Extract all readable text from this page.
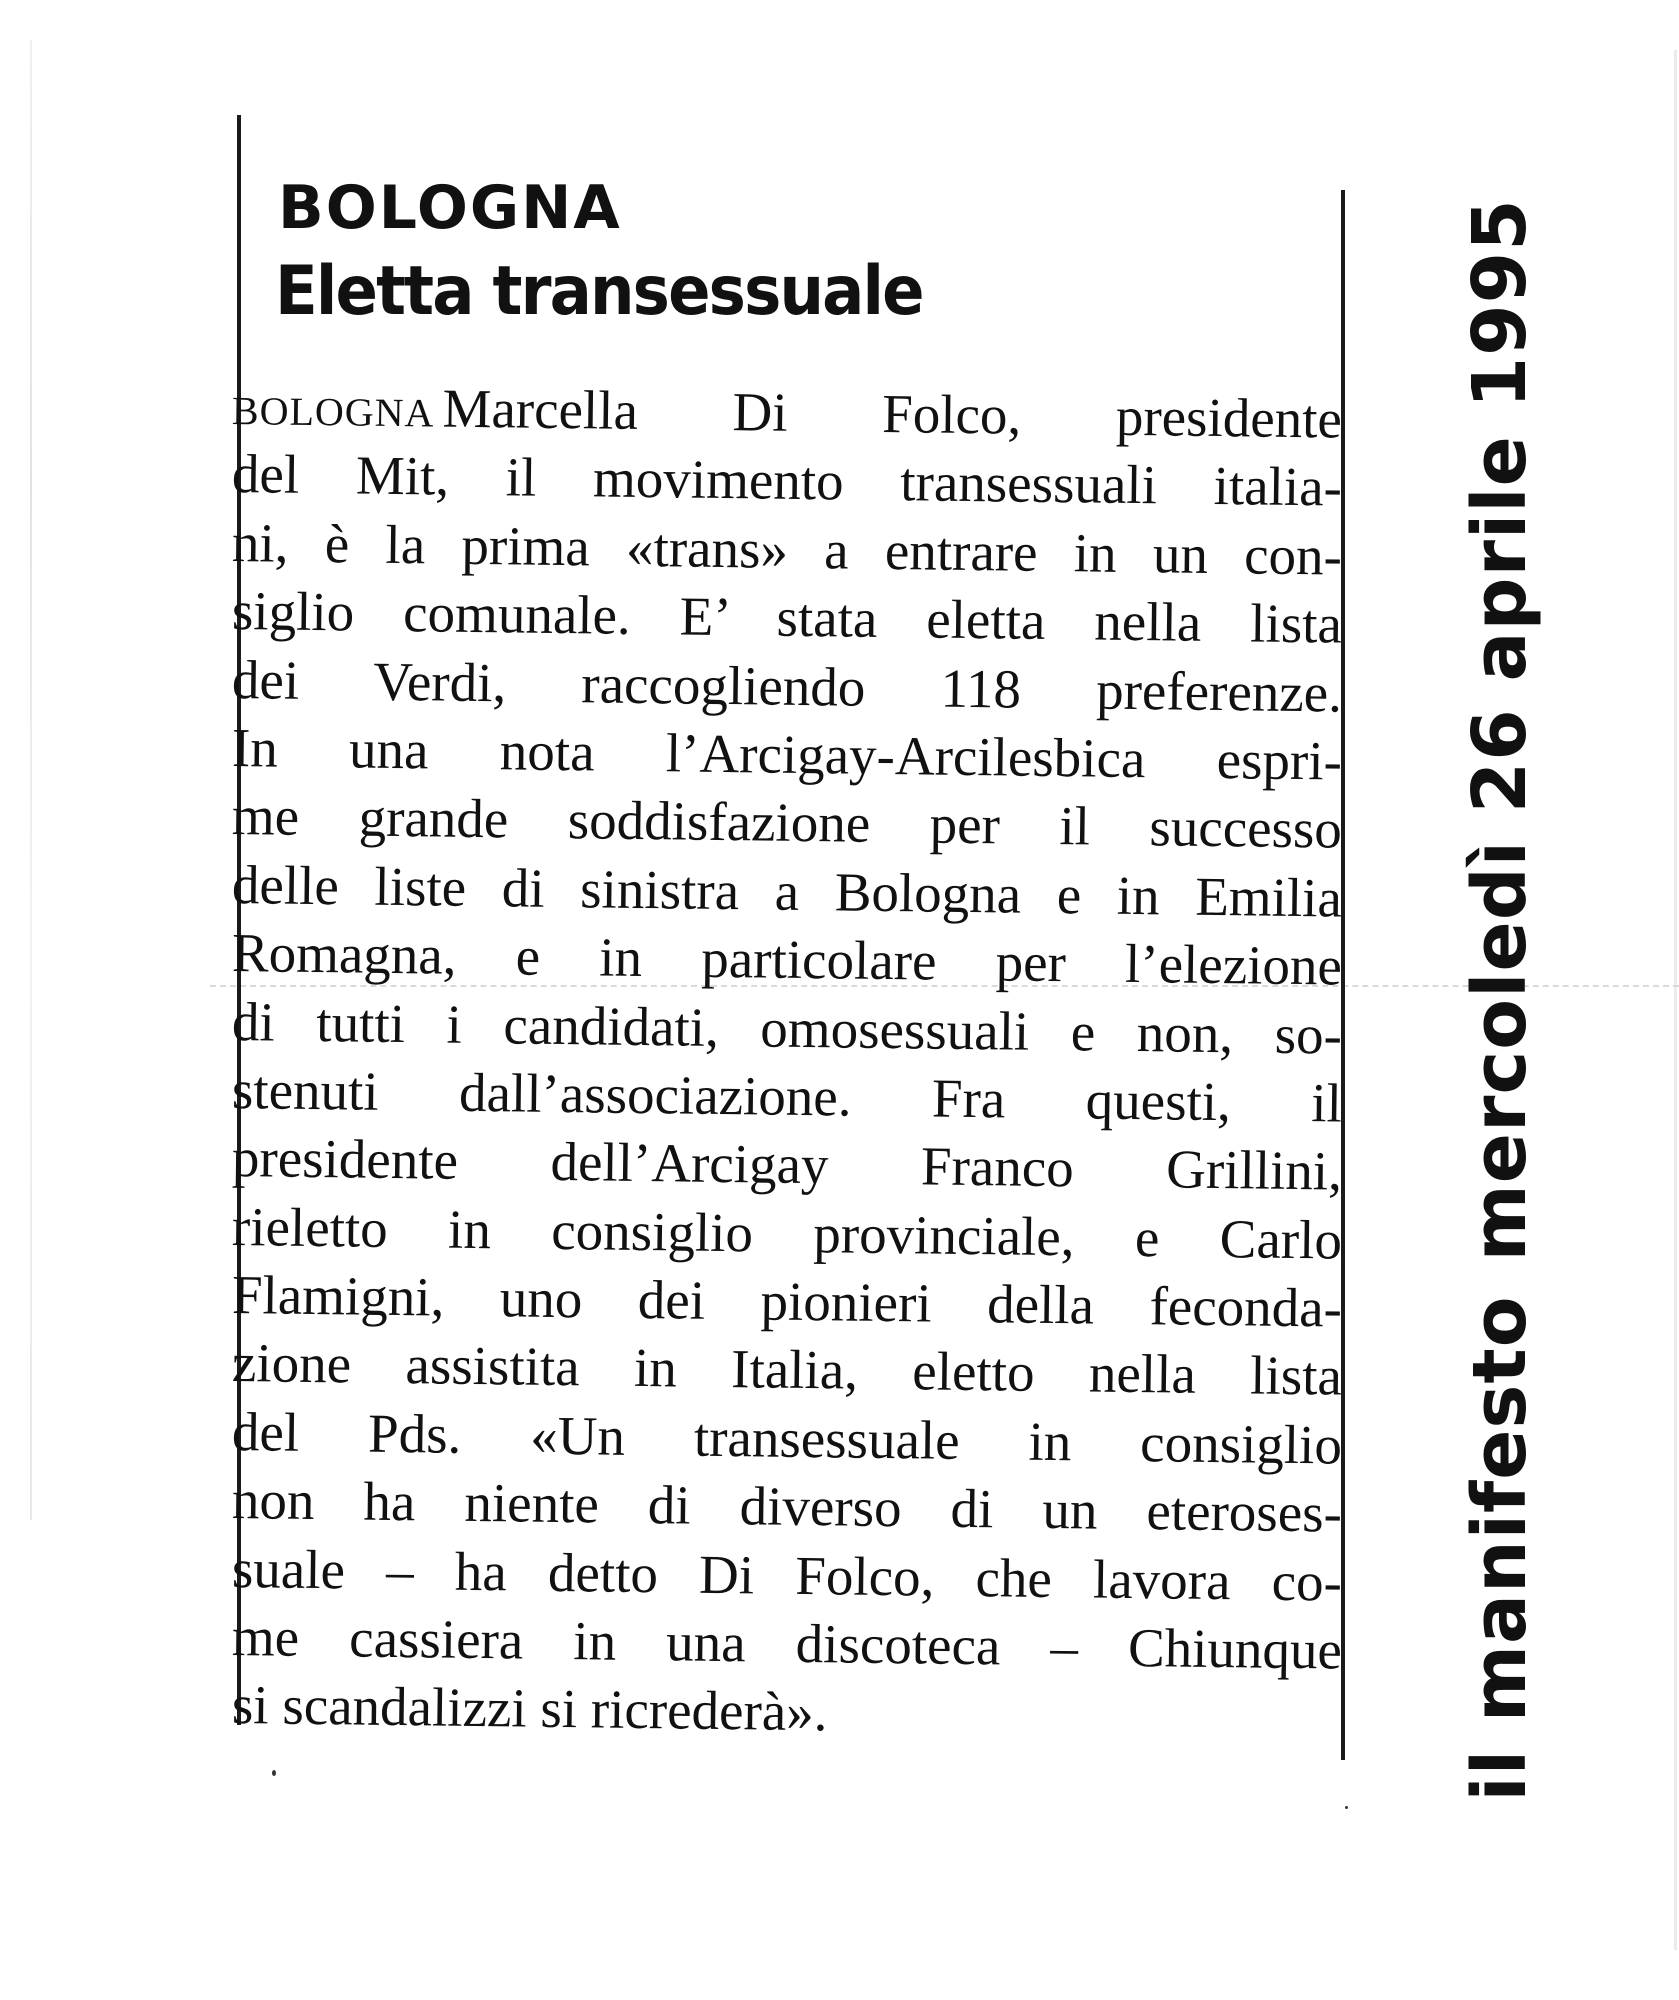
BOLOGNA
Eletta transessuale
BOLOGNA Marcella Di Folco, presidente
del Mit, il movimento transessuali italia-
ni, è la prima «trans» a entrare in un con-
siglio comunale. E’ stata eletta nella lista
dei Verdi, raccogliendo 118 preferenze.
In una nota l’Arcigay-Arcilesbica espri-
me grande soddisfazione per il successo
delle liste di sinistra a Bologna e in Emilia
Romagna, e in particolare per l’elezione
di tutti i candidati, omosessuali e non, so-
stenuti dall’associazione. Fra questi, il
presidente dell’Arcigay Franco Grillini,
rieletto in consiglio provinciale, e Carlo
Flamigni, uno dei pionieri della feconda-
zione assistita in Italia, eletto nella lista
del Pds. «Un transessuale in consiglio
non ha niente di diverso di un eteroses-
suale – ha detto Di Folco, che lavora co-
me cassiera in una discoteca – Chiunque
si scandalizzi si ricrederà».	il manifestomercoledì 26 aprile 1995
